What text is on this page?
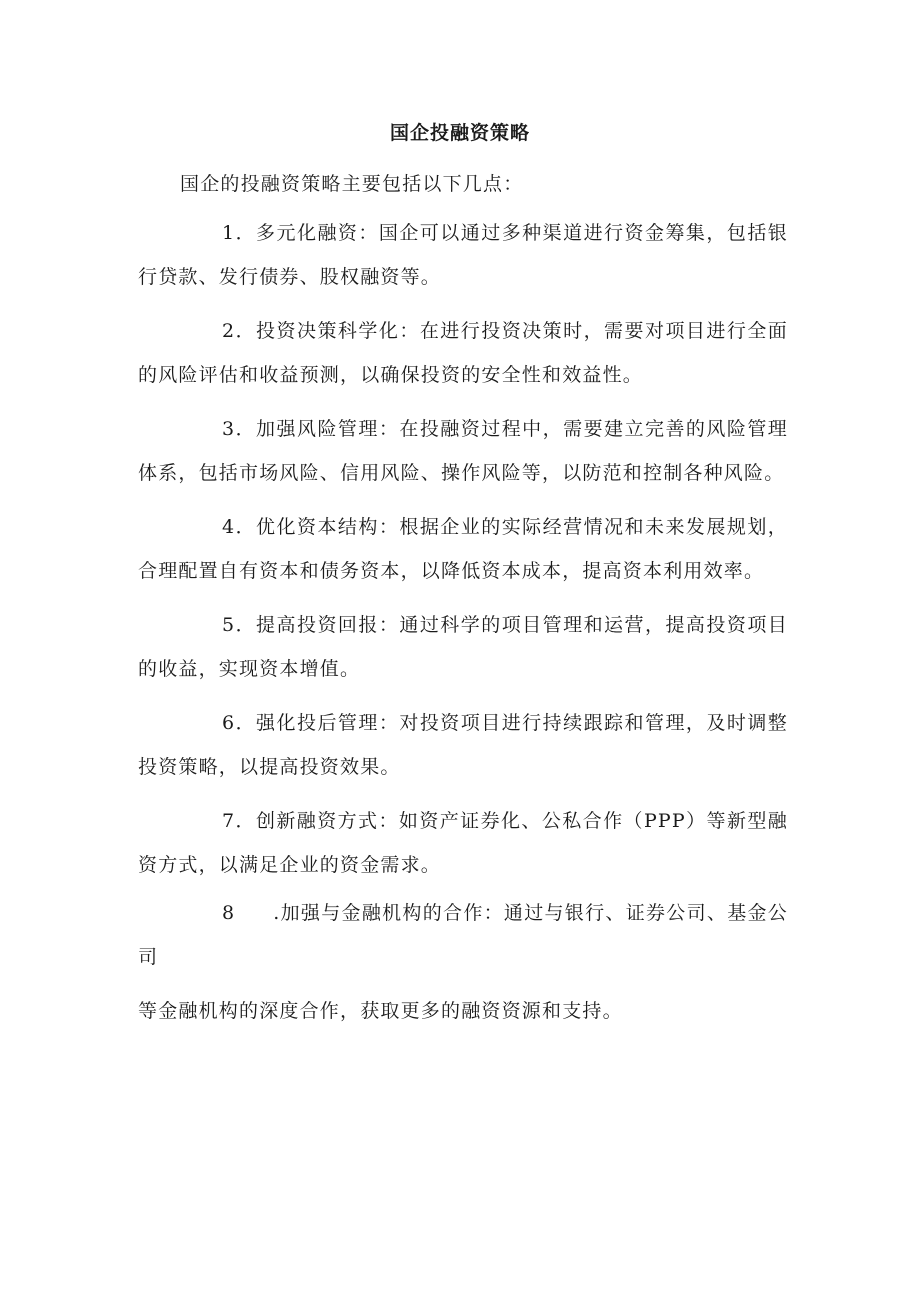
国企投融资策略

国企的投融资策略主要包括以下几点：

1．多元化融资：国企可以通过多种渠道进行资金筹集，包括银行贷款、发行债券、股权融资等。

2．投资决策科学化：在进行投资决策时，需要对项目进行全面的风险评估和收益预测，以确保投资的安全性和效益性。

3．加强风险管理：在投融资过程中，需要建立完善的风险管理体系，包括市场风险、信用风险、操作风险等，以防范和控制各种风险。

4．优化资本结构：根据企业的实际经营情况和未来发展规划，合理配置自有资本和债务资本，以降低资本成本，提高资本利用效率。

5．提高投资回报：通过科学的项目管理和运营，提高投资项目的收益，实现资本增值。

6．强化投后管理：对投资项目进行持续跟踪和管理，及时调整投资策略，以提高投资效果。

7．创新融资方式：如资产证券化、公私合作（PPP）等新型融资方式，以满足企业的资金需求。

8 .加强与金融机构的合作：通过与银行、证券公司、基金公司
等金融机构的深度合作，获取更多的融资资源和支持。
